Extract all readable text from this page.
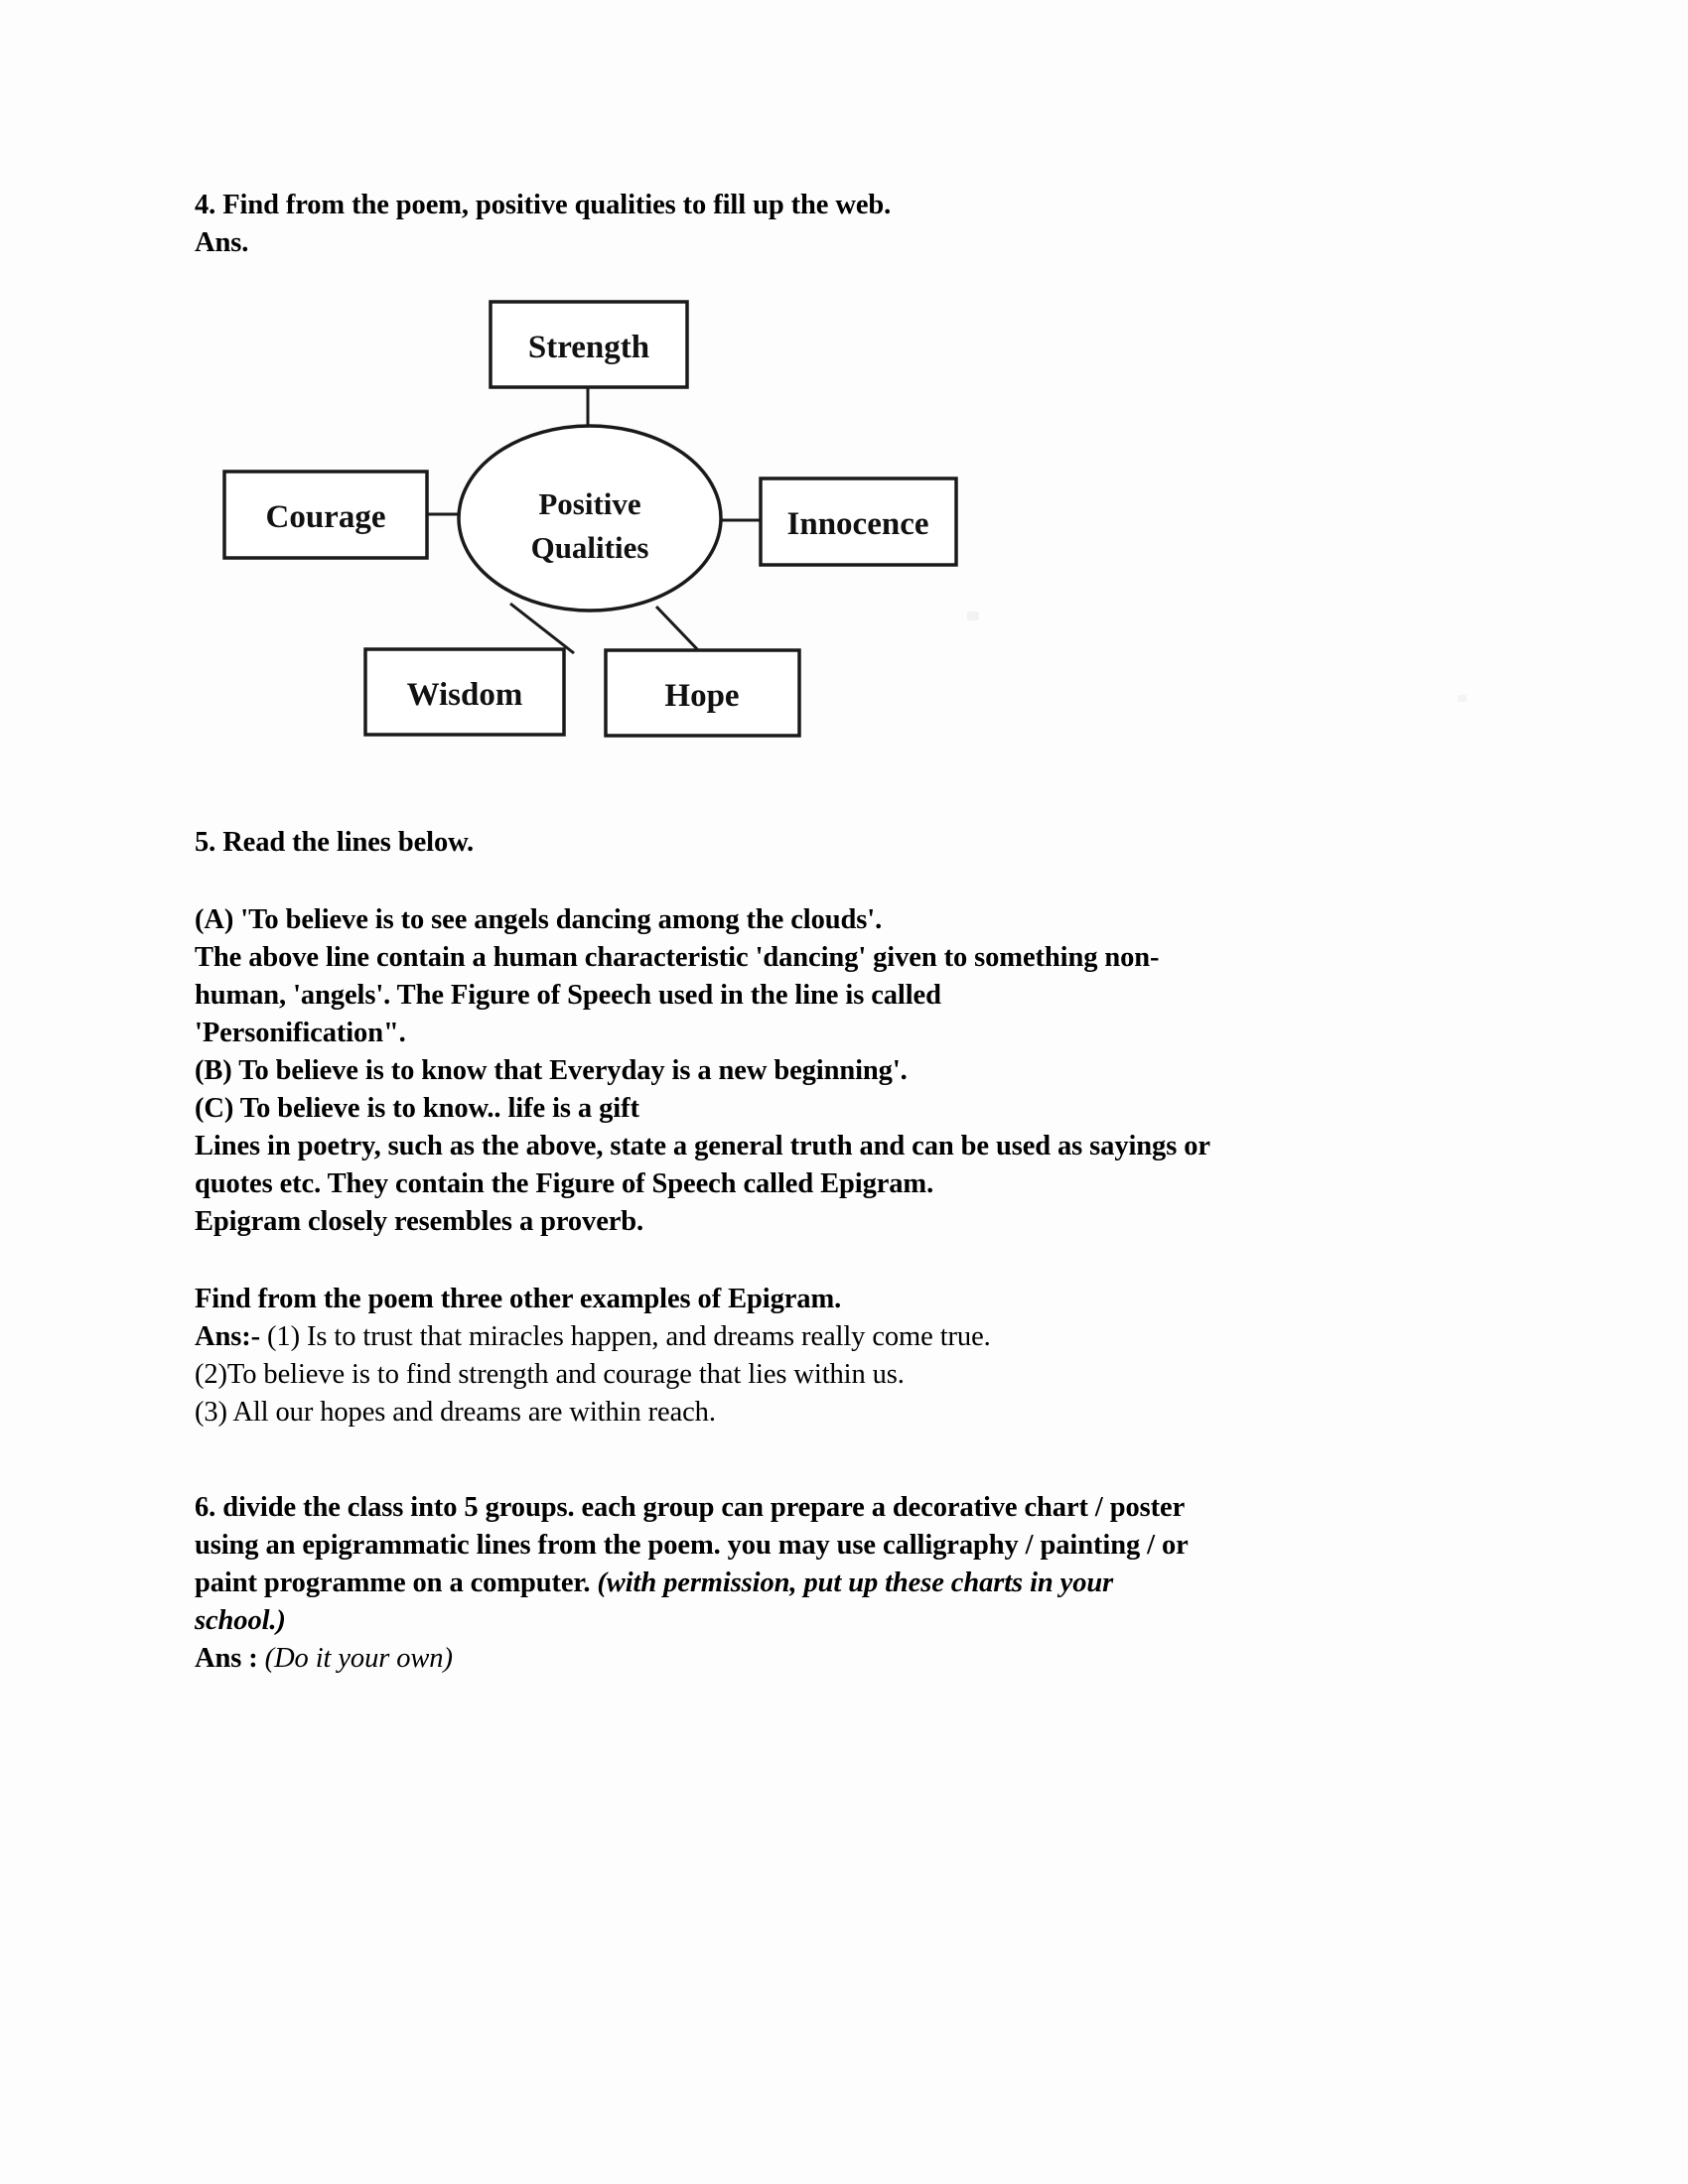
4. Find from the poem, positive qualities to fill up the web.
Ans.
Positive
Qualities
Strength
Courage	Innocence
Wisdom	Hope
5. Read the lines below.
(A) 'To believe is to see angels dancing among the clouds'.
The above line contain a human characteristic 'dancing' given to something non-
human, 'angels'. The Figure of Speech used in the line is called
'Personification".
(B) To believe is to know that Everyday is a new beginning'.
(C) To believe is to know.. life is a gift
Lines in poetry, such as the above, state a general truth and can be used as sayings or
quotes etc. They contain the Figure of Speech called Epigram.
Epigram closely resembles a proverb.
Find from the poem three other examples of Epigram.
Ans:- (1) Is to trust that miracles happen, and dreams really come true.
(2)To believe is to find strength and courage that lies within us.
(3) All our hopes and dreams are within reach.
6. divide the class into 5 groups. each group can prepare a decorative chart / poster
using an epigrammatic lines from the poem. you may use calligraphy / painting / or
paint programme on a computer. (with permission, put up these charts in your
school.)
Ans : (Do it your own)
